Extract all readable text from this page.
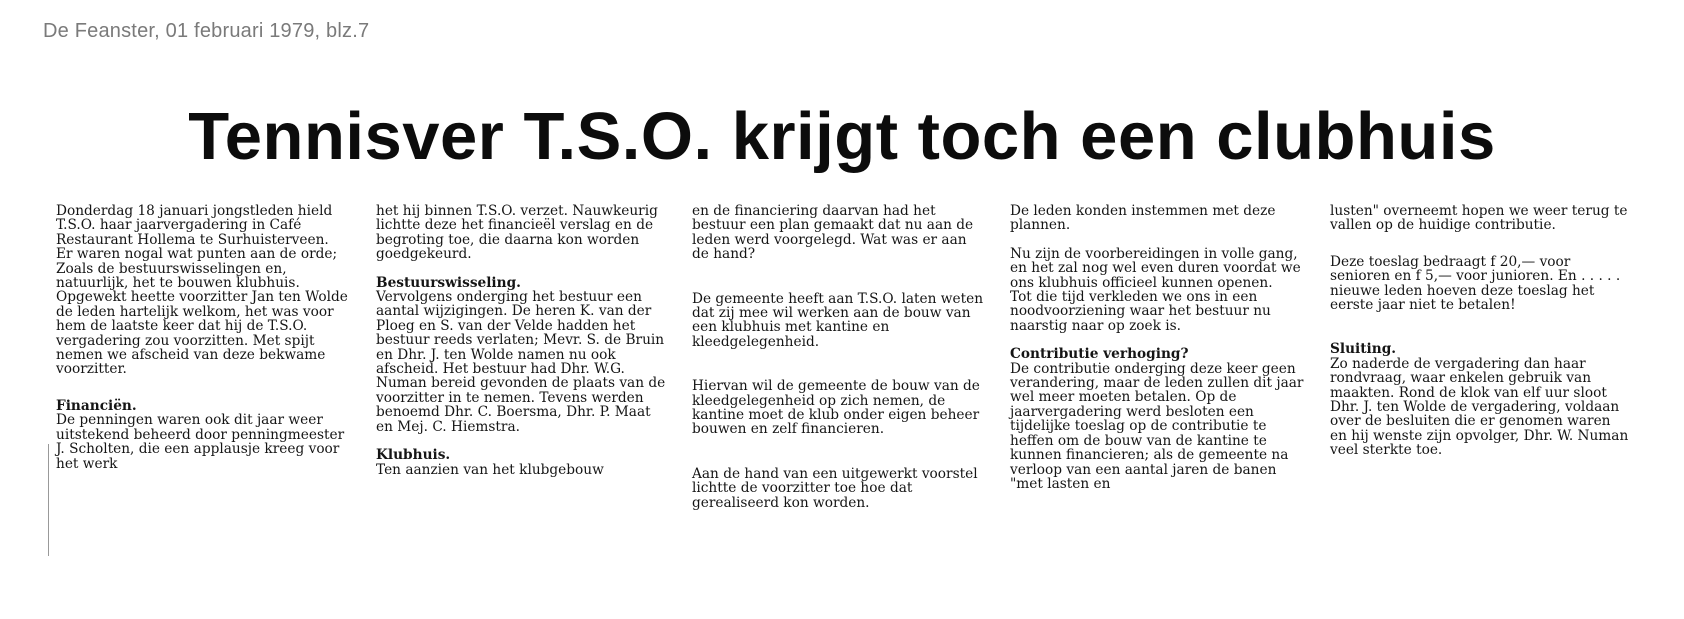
De Feanster, 01 februari 1979, blz.7
Tennisver T.S.O. krijgt toch een clubhuis

Donderdag 18 januari jongstleden hield T.S.O. haar jaarvergadering in Café Restaurant Hollema te Surhuisterveen.

Er waren nogal wat punten aan de orde;

Zoals de bestuurswisselingen en, natuurlijk, het te bouwen klubhuis.

Opgewekt heette voorzitter Jan ten Wolde de leden hartelijk welkom, het was voor hem de laatste keer dat hij de T.S.O. vergadering zou voorzitten. Met spijt nemen we afscheid van deze bekwame voorzitter.

Financiën.

De penningen waren ook dit jaar weer uitstekend beheerd door penningmeester J. Scholten, die een applausje kreeg voor het werk

het hij binnen T.S.O. verzet. Nauwkeurig lichtte deze het financieël verslag en de begroting toe, die daarna kon worden goedgekeurd.

Bestuurswisseling.

Vervolgens onderging het bestuur een aantal wijzigingen. De heren K. van der Ploeg en S. van der Velde hadden het bestuur reeds verlaten; Mevr. S. de Bruin en Dhr. J. ten Wolde namen nu ook afscheid. Het bestuur had Dhr. W.G. Numan bereid gevonden de plaats van de voorzitter in te nemen. Tevens werden benoemd Dhr. C. Boersma, Dhr. P. Maat en Mej. C. Hiemstra.

Klubhuis.

Ten aanzien van het klubgebouw

en de financiering daarvan had het bestuur een plan gemaakt dat nu aan de leden werd voorgelegd. Wat was er aan de hand?

De gemeente heeft aan T.S.O. laten weten dat zij mee wil werken aan de bouw van een klubhuis met kantine en kleedgelegenheid.

Hiervan wil de gemeente de bouw van de kleedgelegenheid op zich nemen, de kantine moet de klub onder eigen beheer bouwen en zelf financieren.

Aan de hand van een uitgewerkt voorstel lichtte de voorzitter toe hoe dat gerealiseerd kon worden.

De leden konden instemmen met deze plannen.

Nu zijn de voorbereidingen in volle gang, en het zal nog wel even duren voordat we ons klubhuis officieel kunnen openen.

Tot die tijd verkleden we ons in een noodvoorziening waar het bestuur nu naarstig naar op zoek is.

Contributie verhoging?

De contributie onderging deze keer geen verandering, maar de leden zullen dit jaar wel meer moeten betalen. Op de jaarvergadering werd besloten een tijdelijke toeslag op de contributie te heffen om de bouw van de kantine te kunnen financieren; als de gemeente na verloop van een aantal jaren de banen "met lasten en

lusten" overneemt hopen we weer terug te vallen op de huidige contributie.

Deze toeslag bedraagt f 20,— voor senioren en f 5,— voor junioren. En . . . . . nieuwe leden hoeven deze toeslag het eerste jaar niet te betalen!

Sluiting.

Zo naderde de vergadering dan haar rondvraag, waar enkelen gebruik van maakten. Rond de klok van elf uur sloot Dhr. J. ten Wolde de vergadering, voldaan over de besluiten die er genomen waren en hij wenste zijn opvolger, Dhr. W. Numan veel sterkte toe.
